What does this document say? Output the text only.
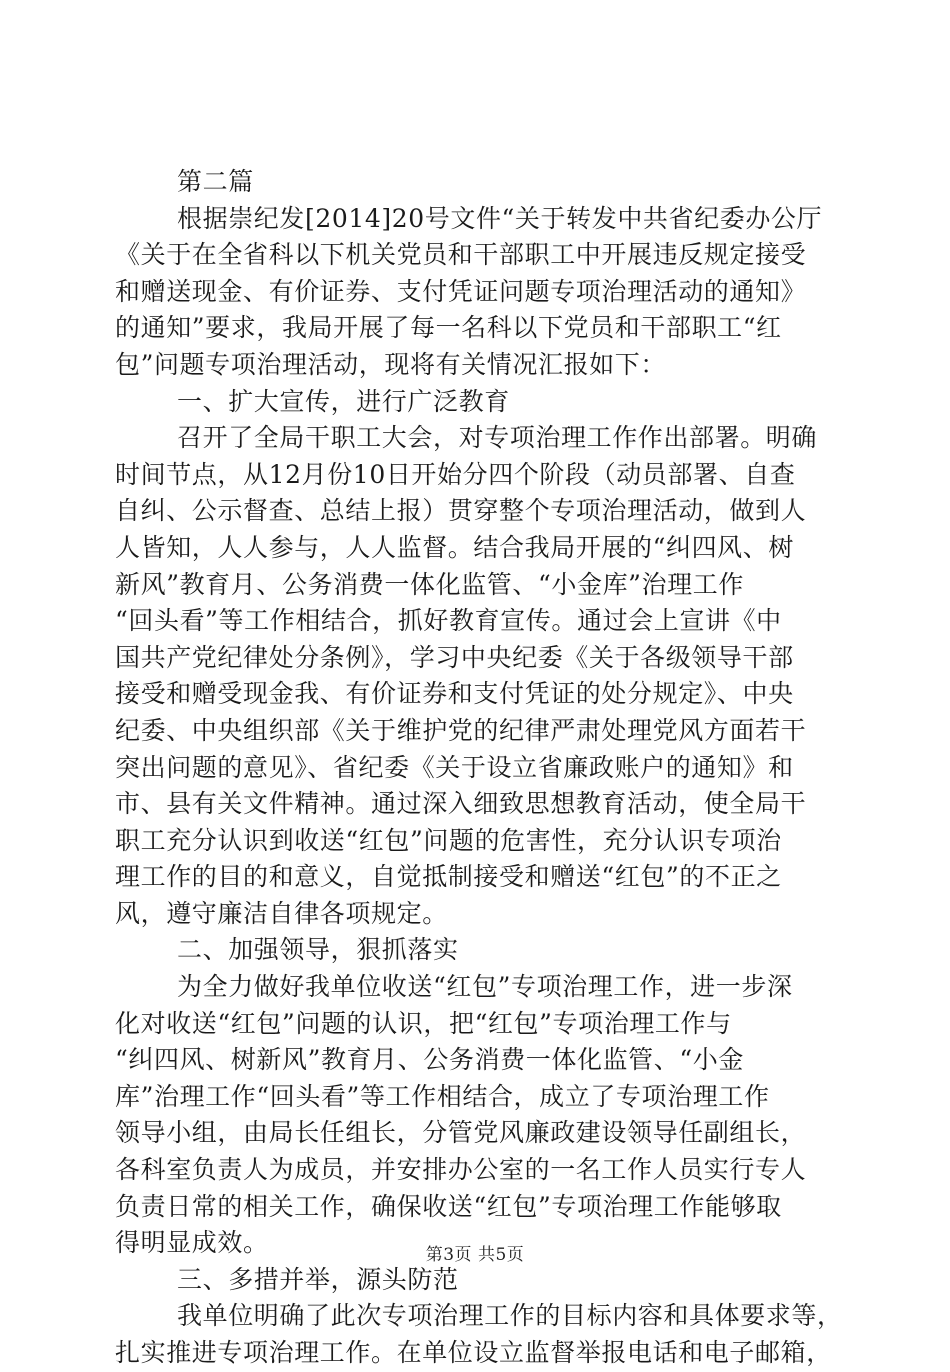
第二篇
根据崇纪发[2014]20号文件“关于转发中共省纪委办公厅
《关于在全省科以下机关党员和干部职工中开展违反规定接受
和赠送现金、有价证券、支付凭证问题专项治理活动的通知》
的通知”要求，我局开展了每一名科以下党员和干部职工“红
包”问题专项治理活动，现将有关情况汇报如下：
一、扩大宣传，进行广泛教育
召开了全局干职工大会，对专项治理工作作出部署。明确
时间节点，从12月份10日开始分四个阶段（动员部署、自查
自纠、公示督查、总结上报）贯穿整个专项治理活动，做到人
人皆知，人人参与，人人监督。结合我局开展的“纠四风、树
新风”教育月、公务消费一体化监管、“小金库”治理工作
“回头看”等工作相结合，抓好教育宣传。通过会上宣讲《中
国共产党纪律处分条例》，学习中央纪委《关于各级领导干部
接受和赠受现金我、有价证券和支付凭证的处分规定》、中央
纪委、中央组织部《关于维护党的纪律严肃处理党风方面若干
突出问题的意见》、省纪委《关于设立省廉政账户的通知》和
市、县有关文件精神。通过深入细致思想教育活动，使全局干
职工充分认识到收送“红包”问题的危害性，充分认识专项治
理工作的目的和意义，自觉抵制接受和赠送“红包”的不正之
风，遵守廉洁自律各项规定。
二、加强领导，狠抓落实
为全力做好我单位收送“红包”专项治理工作，进一步深
化对收送“红包”问题的认识，把“红包”专项治理工作与
“纠四风、树新风”教育月、公务消费一体化监管、“小金
库”治理工作“回头看”等工作相结合，成立了专项治理工作
领导小组，由局长任组长，分管党风廉政建设领导任副组长，
各科室负责人为成员，并安排办公室的一名工作人员实行专人
负责日常的相关工作，确保收送“红包”专项治理工作能够取
得明显成效。
三、多措并举，源头防范
我单位明确了此次专项治理工作的目标内容和具体要求等，
扎实推进专项治理工作。在单位设立监督举报电话和电子邮箱，
第3页 共5页
